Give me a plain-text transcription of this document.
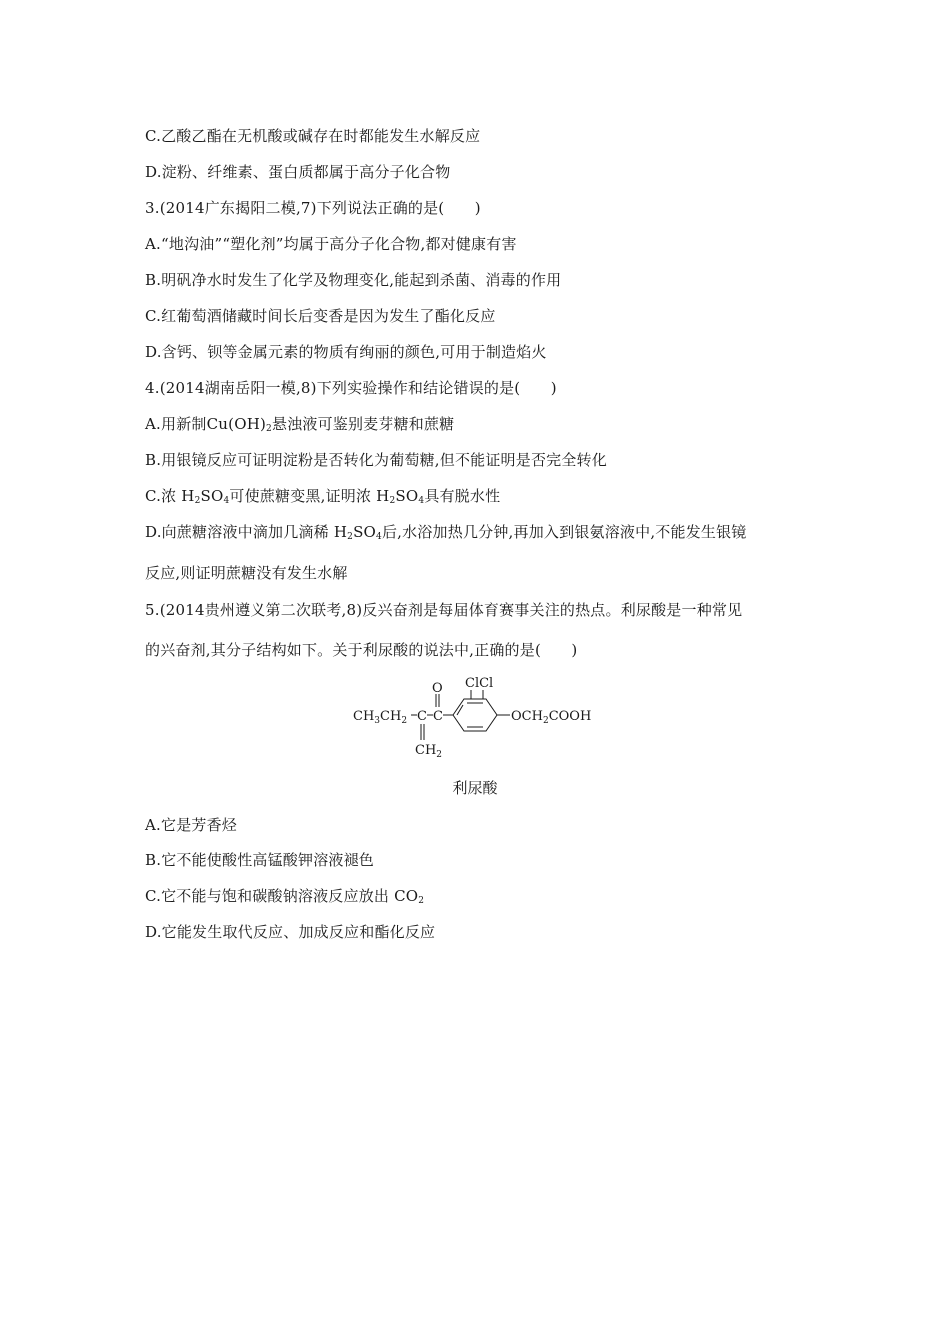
C.乙酸乙酯在无机酸或碱存在时都能发生水解反应
D.淀粉、纤维素、蛋白质都属于高分子化合物
3.(2014广东揭阳二模,7)下列说法正确的是(　　)
A.“地沟油”“塑化剂”均属于高分子化合物,都对健康有害
B.明矾净水时发生了化学及物理变化,能起到杀菌、消毒的作用
C.红葡萄酒储藏时间长后变香是因为发生了酯化反应
D.含钙、钡等金属元素的物质有绚丽的颜色,可用于制造焰火
4.(2014湖南岳阳一模,8)下列实验操作和结论错误的是(　　)
A.用新制$Cu(OH)_2$悬浊液可鉴别麦芽糖和蔗糖
B.用银镜反应可证明淀粉是否转化为葡萄糖,但不能证明是否完全转化
C.浓 $H_2SO_4$可使蔗糖变黑,证明浓 $H_2SO_4$具有脱水性
D.向蔗糖溶液中滴加几滴稀 $H_2SO_4$后,水浴加热几分钟,再加入到银氨溶液中,不能发生银镜
反应,则证明蔗糖没有发生水解
5.(2014贵州遵义第二次联考,8)反兴奋剂是每届体育赛事关注的热点。利尿酸是一种常见
的兴奋剂,其分子结构如下。关于利尿酸的说法中,正确的是(　　)
$CH_3CH_2$ C
$CH_2$
C
O ClCl
$OCH_2COOH$
利尿酸
A.它是芳香烃
B.它不能使酸性高锰酸钾溶液褪色
C.它不能与饱和碳酸钠溶液反应放出 $CO_2$
D.它能发生取代反应、加成反应和酯化反应
